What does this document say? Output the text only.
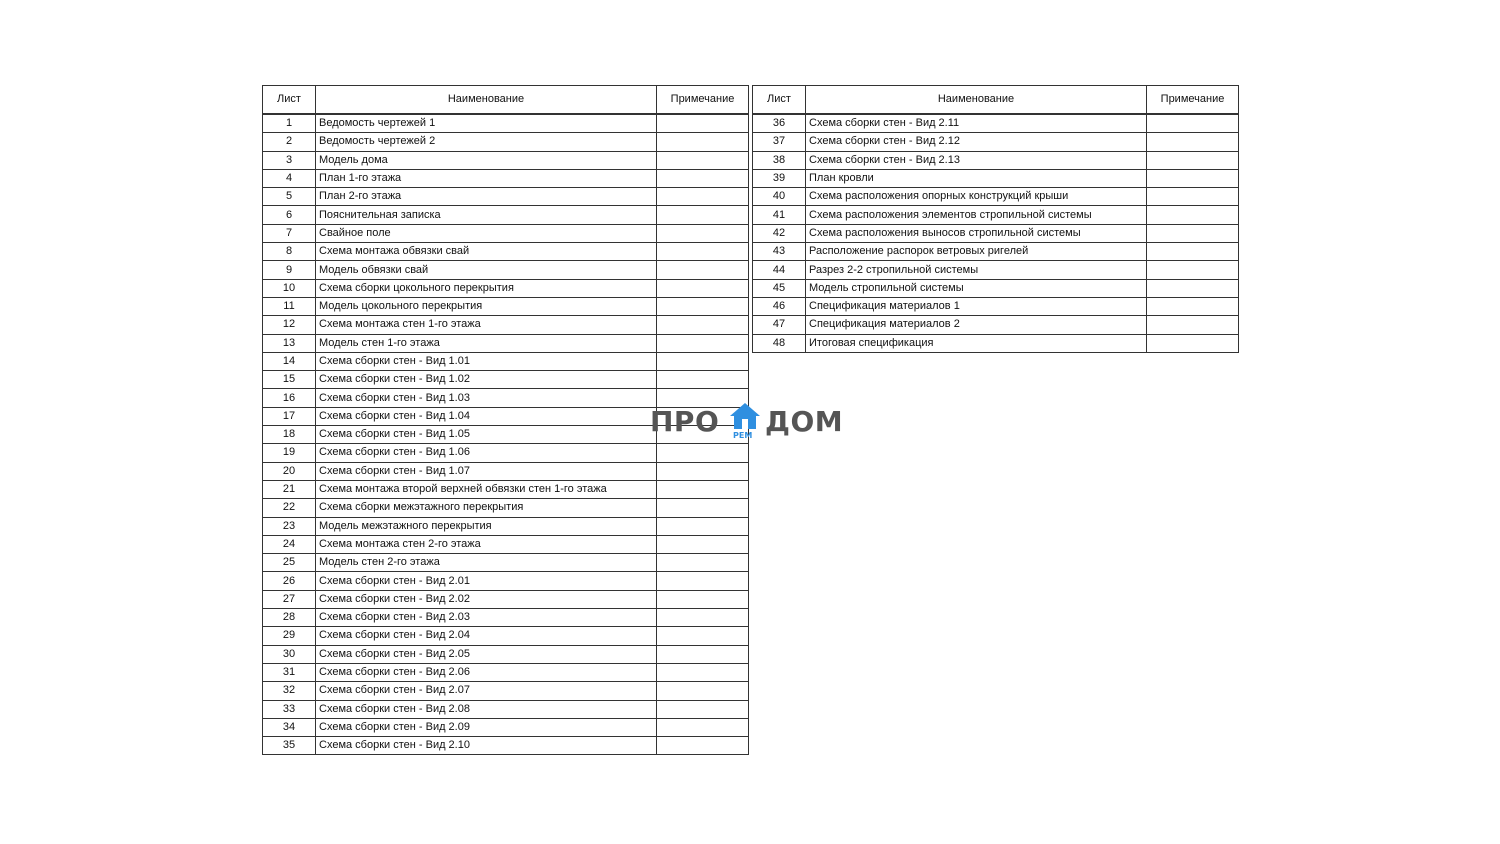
Лист	Наименование	Примечание
1	Ведомость чертежей 1	
2	Ведомость чертежей 2	
3	Модель дома	
4	План 1-го этажа	
5	План 2-го этажа	
6	Пояснительная записка	
7	Свайное поле	
8	Схема монтажа обвязки свай	
9	Модель обвязки свай	
10	Схема сборки цокольного перекрытия	
11	Модель цокольного перекрытия	
12	Схема монтажа стен 1-го этажа	
13	Модель стен 1-го этажа	
14	Схема сборки стен - Вид 1.01	
15	Схема сборки стен - Вид 1.02	
16	Схема сборки стен - Вид 1.03	
17	Схема сборки стен - Вид 1.04	
18	Схема сборки стен - Вид 1.05	
19	Схема сборки стен - Вид 1.06	
20	Схема сборки стен - Вид 1.07	
21	Схема монтажа второй верхней обвязки стен 1-го этажа	
22	Схема сборки межэтажного перекрытия	
23	Модель межэтажного перекрытия	
24	Схема монтажа стен 2-го этажа	
25	Модель стен 2-го этажа	
26	Схема сборки стен - Вид 2.01	
27	Схема сборки стен - Вид 2.02	
28	Схема сборки стен - Вид 2.03	
29	Схема сборки стен - Вид 2.04	
30	Схема сборки стен - Вид 2.05	
31	Схема сборки стен - Вид 2.06	
32	Схема сборки стен - Вид 2.07	
33	Схема сборки стен - Вид 2.08	
34	Схема сборки стен - Вид 2.09	
35	Схема сборки стен - Вид 2.10	
Лист	Наименование	Примечание
36	Схема сборки стен - Вид 2.11	
37	Схема сборки стен - Вид 2.12	
38	Схема сборки стен - Вид 2.13	
39	План кровли	
40	Схема расположения опорных конструкций крыши	
41	Схема расположения элементов стропильной системы	
42	Схема расположения выносов стропильной системы	
43	Расположение распорок ветровых ригелей	
44	Разрез 2-2 стропильной системы	
45	Модель стропильной системы	
46	Спецификация материалов 1	
47	Спецификация материалов 2	
48	Итоговая спецификация	
ПРО РЕМ ДОМ
